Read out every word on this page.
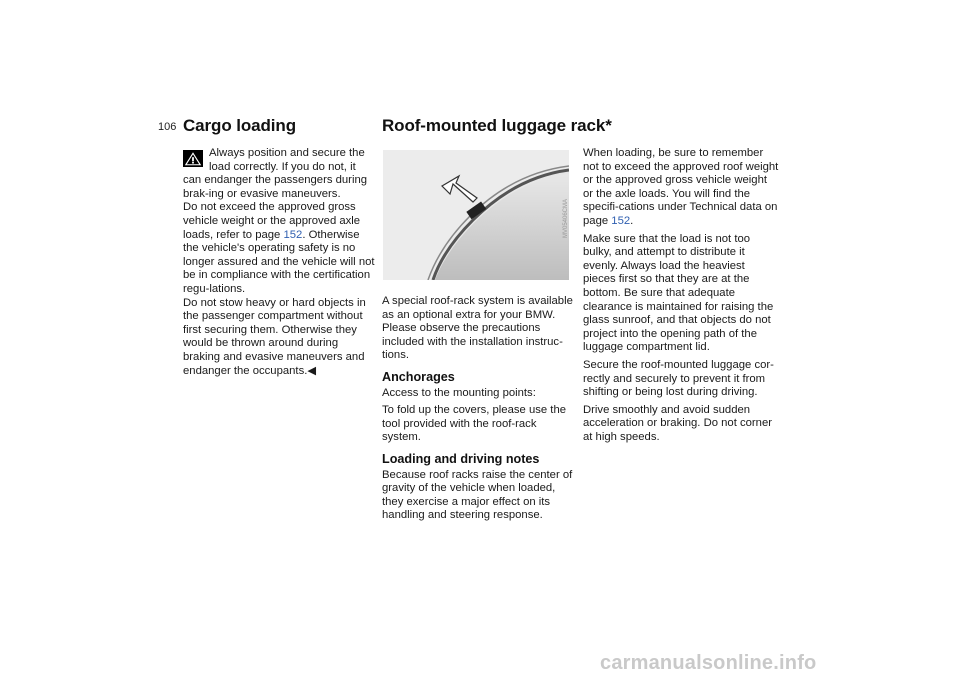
106 Cargo loading	Roof-mounted luggage rack*

Always position and secure the load correctly. If you do not, it can endanger the passengers during brak-ing or evasive maneuvers.

Do not exceed the approved gross vehicle weight or the approved axle loads, refer to page 152. Otherwise the vehicle's operating safety is no longer assured and the vehicle will not be in compliance with the certification regu-lations.

Do not stow heavy or hard objects in the passenger compartment without first securing them. Otherwise they would be thrown around during braking and evasive maneuvers and endanger the occupants.◀

MV05406CMA

A special roof-rack system is available as an optional extra for your BMW. Please observe the precautions included with the installation instruc-tions.

Anchorages

Access to the mounting points:

To fold up the covers, please use the tool provided with the roof-rack system.

Loading and driving notes

Because roof racks raise the center of gravity of the vehicle when loaded, they exercise a major effect on its handling and steering response.

When loading, be sure to remember not to exceed the approved roof weight or the approved gross vehicle weight or the axle loads. You will find the specifi-cations under Technical data on page 152.

Make sure that the load is not too bulky, and attempt to distribute it evenly. Always load the heaviest pieces first so that they are at the bottom. Be sure that adequate clearance is maintained for raising the glass sunroof, and that objects do not project into the opening path of the luggage compartment lid.

Secure the roof-mounted luggage cor-rectly and securely to prevent it from shifting or being lost during driving.

Drive smoothly and avoid sudden acceleration or braking. Do not corner at high speeds.

carmanualsonline.info
